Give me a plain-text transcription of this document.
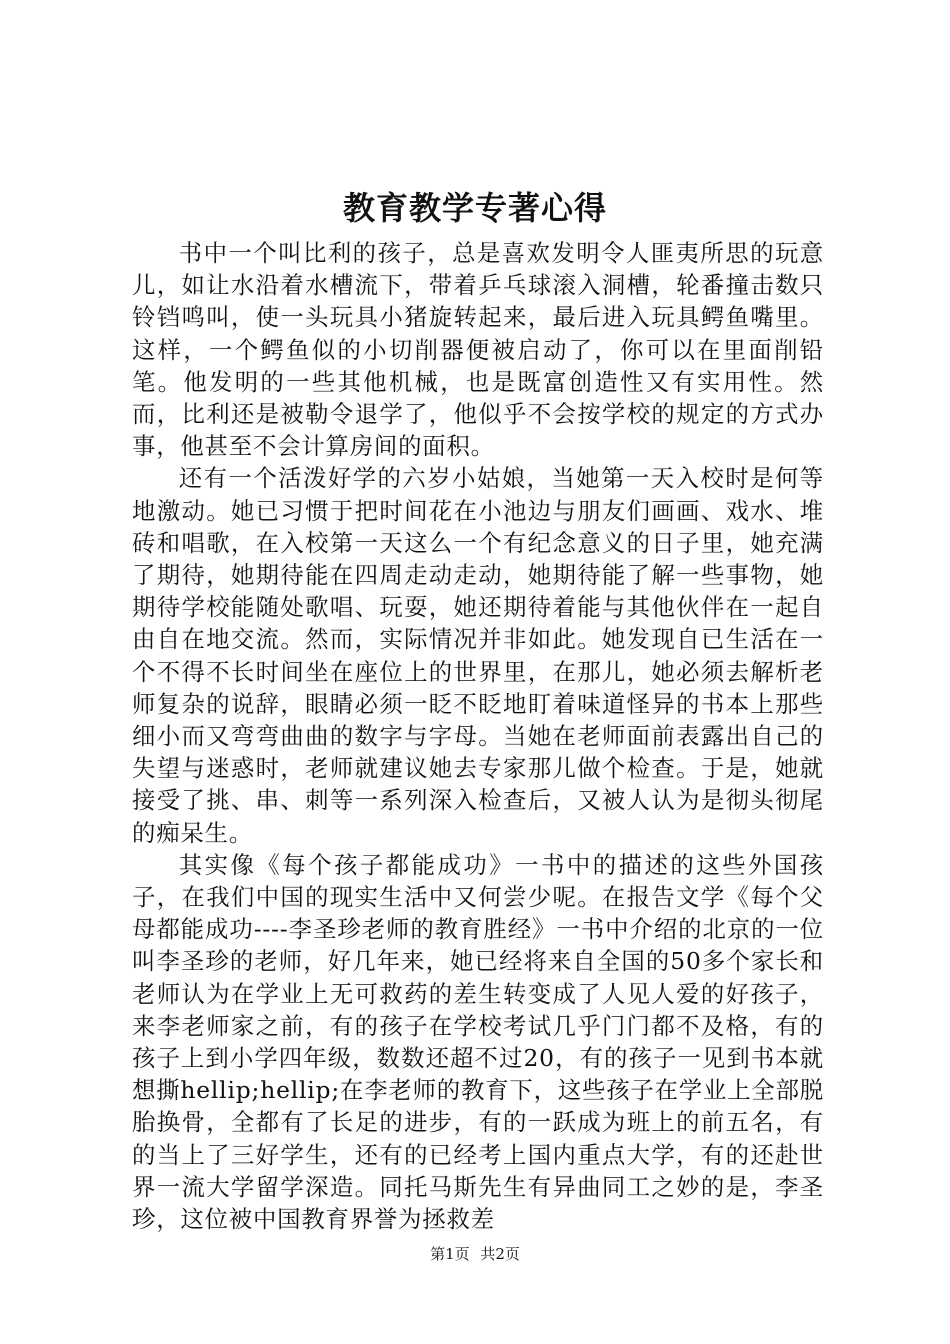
教育教学专著心得

书中一个叫比利的孩子，总是喜欢发明令人匪夷所思的玩意儿，如让水沿着水槽流下，带着乒乓球滚入洞槽，轮番撞击数只铃铛鸣叫，使一头玩具小猪旋转起来，最后进入玩具鳄鱼嘴里。这样，一个鳄鱼似的小切削器便被启动了，你可以在里面削铅笔。他发明的一些其他机械，也是既富创造性又有实用性。然而，比利还是被勒令退学了，他似乎不会按学校的规定的方式办事，他甚至不会计算房间的面积。

还有一个活泼好学的六岁小姑娘，当她第一天入校时是何等地激动。她已习惯于把时间花在小池边与朋友们画画、戏水、堆砖和唱歌，在入校第一天这么一个有纪念意义的日子里，她充满了期待，她期待能在四周走动走动，她期待能了解一些事物，她期待学校能随处歌唱、玩耍，她还期待着能与其他伙伴在一起自由自在地交流。然而，实际情况并非如此。她发现自已生活在一个不得不长时间坐在座位上的世界里，在那儿，她必须去解析老师复杂的说辞，眼睛必须一眨不眨地盯着味道怪异的书本上那些细小而又弯弯曲曲的数字与字母。当她在老师面前表露出自己的失望与迷惑时，老师就建议她去专家那儿做个检查。于是，她就接受了挑、串、刺等一系列深入检查后，又被人认为是彻头彻尾的痴呆生。

其实像《每个孩子都能成功》一书中的描述的这些外国孩子，在我们中国的现实生活中又何尝少呢。在报告文学《每个父母都能成功----李圣珍老师的教育胜经》一书中介绍的北京的一位叫李圣珍的老师，好几年来，她已经将来自全国的50多个家长和老师认为在学业上无可救药的差生转变成了人见人爱的好孩子，来李老师家之前，有的孩子在学校考试几乎门门都不及格，有的孩子上到小学四年级，数数还超不过20，有的孩子一见到书本就想撕hellip;hellip;在李老师的教育下，这些孩子在学业上全部脱胎换骨，全都有了长足的进步，有的一跃成为班上的前五名，有的当上了三好学生，还有的已经考上国内重点大学，有的还赴世界一流大学留学深造。同托马斯先生有异曲同工之妙的是，李圣珍，这位被中国教育界誉为拯救差

第1页 共2页
